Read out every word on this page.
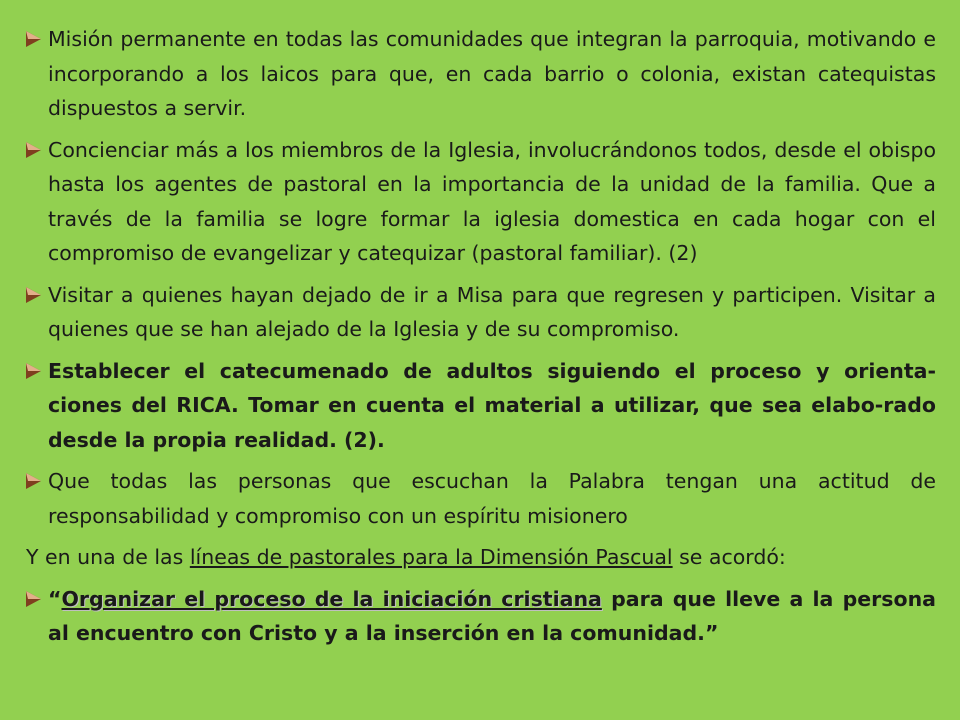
Misión permanente en todas las comunidades que integran la parroquia, motivando e incorporando a los laicos para que, en cada barrio o colonia, existan catequistas dispuestos a servir.
Concienciar más a los miembros de la Iglesia, involucrándonos todos, desde el obispo hasta los agentes de pastoral en la importancia de la unidad de la familia. Que a través de la familia se logre formar la iglesia domestica en cada hogar con el compromiso de evangelizar y catequizar (pastoral familiar). (2)
Visitar a quienes hayan dejado de ir a Misa para que regresen y participen. Visitar a quienes que se han alejado de la Iglesia y de su compromiso.
Establecer el catecumenado de adultos siguiendo el proceso y orienta-ciones del RICA. Tomar en cuenta el material a utilizar, que sea elabo-rado desde la propia realidad. (2).
Que todas las personas que escuchan la Palabra tengan una actitud de responsabilidad y compromiso con un espíritu misionero

Y en una de las líneas de pastorales para la Dimensión Pascual se acordó:

“Organizar el proceso de la iniciación cristiana para que lleve a la persona al encuentro con Cristo y a la inserción en la comunidad.”
